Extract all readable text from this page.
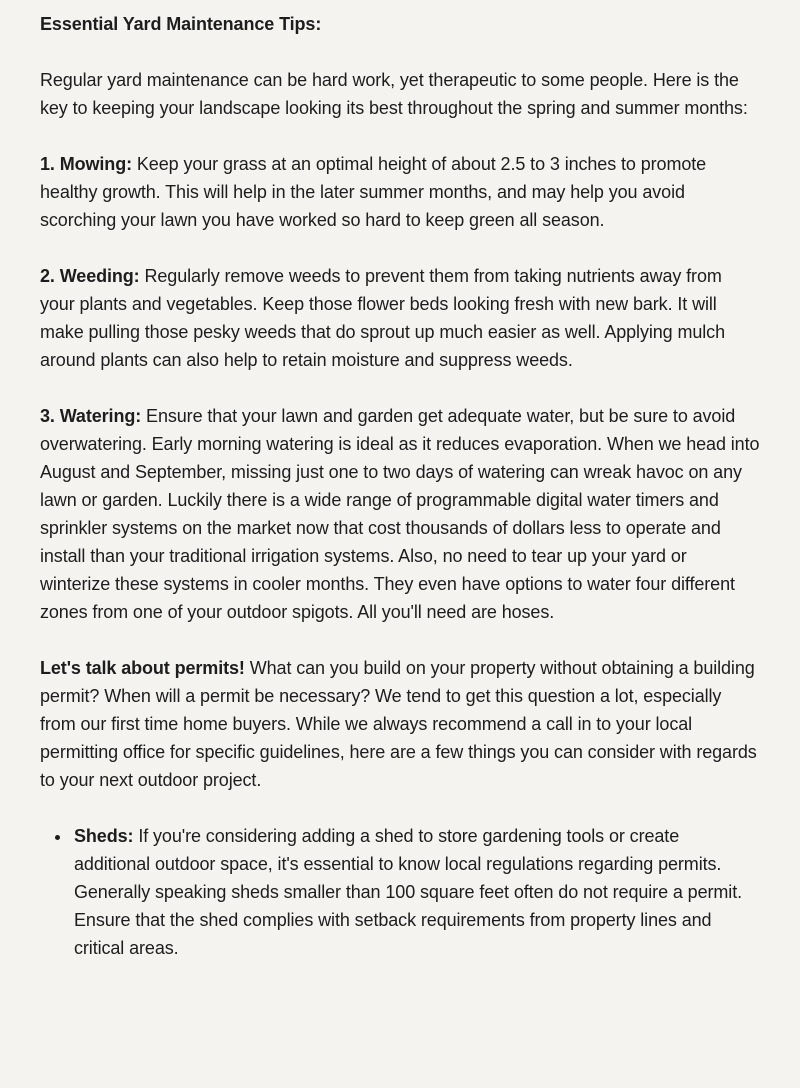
Essential Yard Maintenance Tips:

Regular yard maintenance can be hard work, yet therapeutic to some people. Here is the key to keeping your landscape looking its best throughout the spring and summer months:

1. Mowing: Keep your grass at an optimal height of about 2.5 to 3 inches to promote healthy growth. This will help in the later summer months, and may help you avoid scorching your lawn you have worked so hard to keep green all season.

2. Weeding: Regularly remove weeds to prevent them from taking nutrients away from your plants and vegetables. Keep those flower beds looking fresh with new bark. It will make pulling those pesky weeds that do sprout up much easier as well. Applying mulch around plants can also help to retain moisture and suppress weeds.

3. Watering: Ensure that your lawn and garden get adequate water, but be sure to avoid overwatering. Early morning watering is ideal as it reduces evaporation. When we head into August and September, missing just one to two days of watering can wreak havoc on any lawn or garden. Luckily there is a wide range of programmable digital water timers and sprinkler systems on the market now that cost thousands of dollars less to operate and install than your traditional irrigation systems. Also, no need to tear up your yard or winterize these systems in cooler months. They even have options to water four different zones from one of your outdoor spigots. All you'll need are hoses.

Let's talk about permits! What can you build on your property without obtaining a building permit? When will a permit be necessary? We tend to get this question a lot, especially from our first time home buyers. While we always recommend a call in to your local permitting office for specific guidelines, here are a few things you can consider with regards to your next outdoor project.

• Sheds: If you're considering adding a shed to store gardening tools or create additional outdoor space, it's essential to know local regulations regarding permits. Generally speaking sheds smaller than 100 square feet often do not require a permit. Ensure that the shed complies with setback requirements from property lines and critical areas.
